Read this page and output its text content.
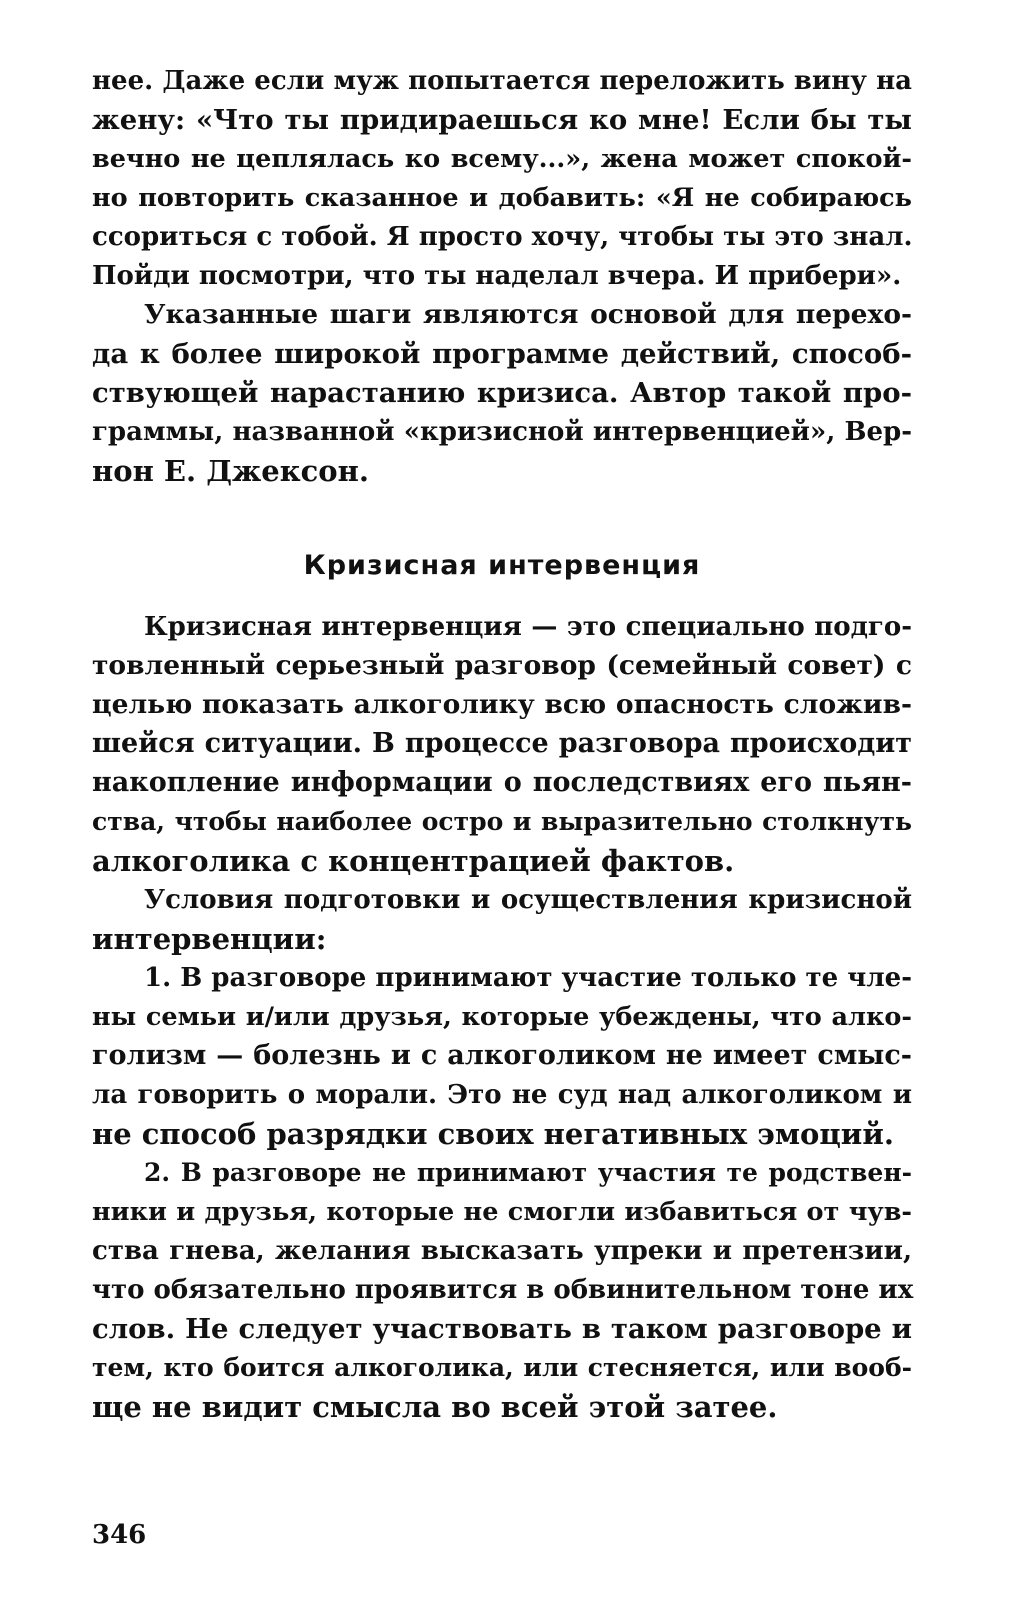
нее. Даже если муж попытается переложить вину на
жену: «Что ты придираешься ко мне! Если бы ты
вечно не цеплялась ко всему...», жена может спокой-
но повторить сказанное и добавить: «Я не собираюсь
ссориться с тобой. Я просто хочу, чтобы ты это знал.
Пойди посмотри, что ты наделал вчера. И прибери».
Указанные шаги являются основой для перехо-
да к более широкой программе действий, способ-
ствующей нарастанию кризиса. Автор такой про-
граммы, названной «кризисной интервенцией», Вер-
нон Е. Джексон.
Кризисная интервенция
Кризисная интервенция — это специально подго-
товленный серьезный разговор (семейный совет) с
целью показать алкоголику всю опасность сложив-
шейся ситуации. В процессе разговора происходит
накопление информации о последствиях его пьян-
ства, чтобы наиболее остро и выразительно столкнуть
алкоголика с концентрацией фактов.
Условия подготовки и осуществления кризисной
интервенции:
1. В разговоре принимают участие только те чле-
ны семьи и/или друзья, которые убеждены, что алко-
голизм — болезнь и с алкоголиком не имеет смыс-
ла говорить о морали. Это не суд над алкоголиком и
не способ разрядки своих негативных эмоций.
2. В разговоре не принимают участия те родствен-
ники и друзья, которые не смогли избавиться от чув-
ства гнева, желания высказать упреки и претензии,
что обязательно проявится в обвинительном тоне их
слов. Не следует участвовать в таком разговоре и
тем, кто боится алкоголика, или стесняется, или вооб-
ще не видит смысла во всей этой затее.
346
